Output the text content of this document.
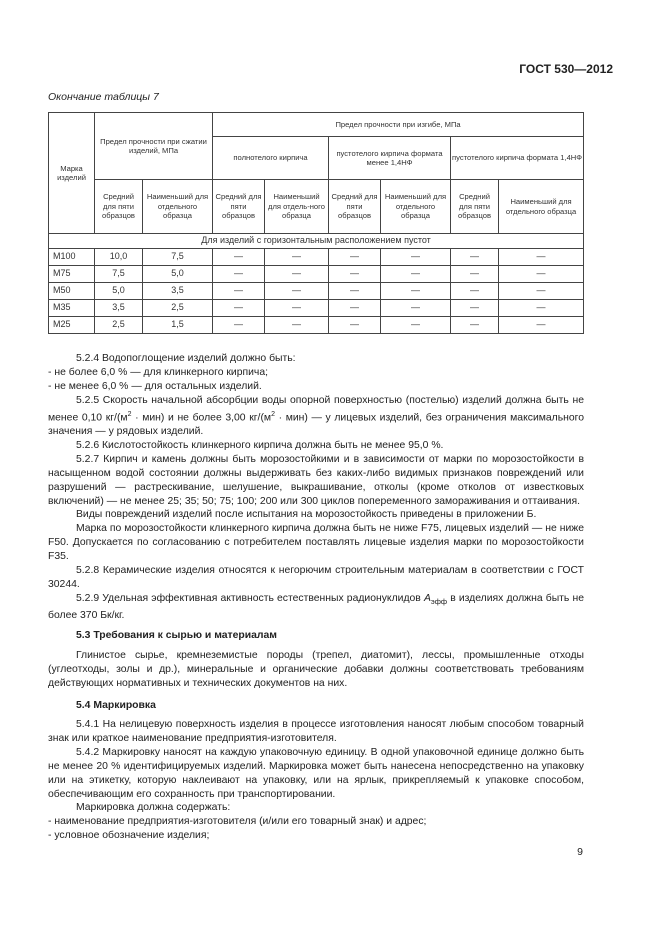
ГОСТ 530—2012
Окончание таблицы 7
Марка изделий	Предел прочности при сжатии изделий, МПа		Предел прочности при изгибе, МПа					
			полнотелого кирпича		пустотелого кирпича формата менее 1,4НФ		пустотелого кирпича формата 1,4НФ	
	Средний для пяти образцов	Наименьший для отдельного образца	Средний для пяти образцов	Наименьший для отдель-ного образца	Средний для пяти образцов	Наименьший для отдельного образца	Средний для пяти образцов	Наименьший для отдельного образца
Для изделий с горизонтальным расположением пустот								
М100	10,0	7,5	—	—	—	—	—	—
М75	7,5	5,0	—	—	—	—	—	—
М50	5,0	3,5	—	—	—	—	—	—
М35	3,5	2,5	—	—	—	—	—	—
М25	2,5	1,5	—	—	—	—	—	—

5.2.4 Водопоглощение изделий должно быть:

- не более 6,0 % — для клинкерного кирпича;

- не менее 6,0 % — для остальных изделий.

5.2.5 Скорость начальной абсорбции воды опорной поверхностью (постелью) изделий должна быть не менее 0,10 $кг/(м^2 \cdot мин)$ и не более 3,00 $кг/(м^2 \cdot мин)$ — у лицевых изделий, без ограничения максимального значения — у рядовых изделий.

5.2.6 Кислотостойкость клинкерного кирпича должна быть не менее 95,0 %.

5.2.7 Кирпич и камень должны быть морозостойкими и в зависимости от марки по морозостойкости в насыщенном водой состоянии должны выдерживать без каких-либо видимых признаков повреждений или разрушений — растрескивание, шелушение, выкрашивание, отколы (кроме отколов от известковых включений) — не менее 25; 35; 50; 75; 100; 200 или 300 циклов попеременного замораживания и оттаивания.

Виды повреждений изделий после испытания на морозостойкость приведены в приложении Б.

Марка по морозостойкости клинкерного кирпича должна быть не ниже F75, лицевых изделий — не ниже F50. Допускается по согласованию с потребителем поставлять лицевые изделия марки по морозостойкости F35.

5.2.8 Керамические изделия относятся к негорючим строительным материалам в соответствии с ГОСТ 30244.

5.2.9 Удельная эффективная активность естественных радионуклидов $А_{эфф}$ в изделиях должна быть не более 370 Бк/кг.

5.3 Требования к сырью и материалам

Глинистое сырье, кремнеземистые породы (трепел, диатомит), лессы, промышленные отходы (углеотходы, золы и др.), минеральные и органические добавки должны соответствовать требованиям действующих нормативных и технических документов на них.

5.4 Маркировка

5.4.1 На нелицевую поверхность изделия в процессе изготовления наносят любым способом товарный знак или краткое наименование предприятия-изготовителя.

5.4.2 Маркировку наносят на каждую упаковочную единицу. В одной упаковочной единице должно быть не менее 20 % идентифицируемых изделий. Маркировка может быть нанесена непосредственно на упаковку или на этикетку, которую наклеивают на упаковку, или на ярлык, прикрепляемый к упаковке способом, обеспечивающим его сохранность при транспортировании.

Маркировка должна содержать:

- наименование предприятия-изготовителя (и/или его товарный знак) и адрес;

- условное обозначение изделия;

9
